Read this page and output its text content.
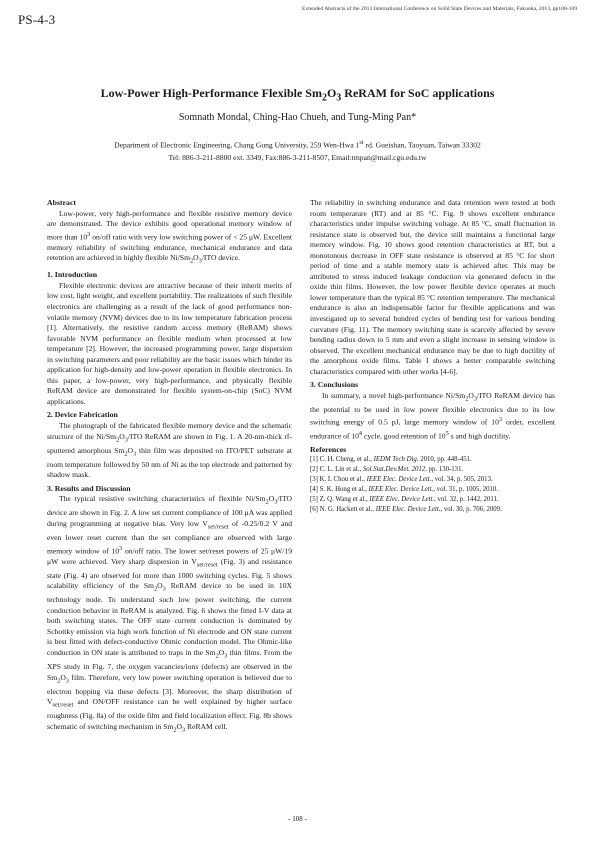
PS-4-3
Extended Abstracts of the 2013 International Conference on Solid State Devices and Materials, Fukuoka, 2013, pp108-109
Low-Power High-Performance Flexible $Sm_2O_3$ ReRAM for SoC applications
Somnath Mondal, Ching-Hao Chueh, and Tung-Ming Pan*
Department of Electronic Engineering, Chang Gung University, 259 Wen-Hwa 1st rd. Gueishan, Taoyuan, Taiwan 33302
Tel: 886-3-211-8800 ext. 3349, Fax:886-3-211-8507, Email:tmpan@mail.cgu.edu.tw
Abstract

Low-power, very high-performance and flexible resistive memory device are demonstrated. The device exhibits good operational memory window of more than $10^3$ on/off ratio with very low switching power of < 25 μW. Excellent memory reliability of switching endurance, mechanical endurance and data retention are achieved in highly flexible $Ni/Sm_2O_3$/ITO device.

1. Introduction

Flexible electronic devices are attractive because of their inherit merits of low cost, light weight, and excellent portability. The realizations of such flexible electronics are challenging as a result of the lack of good performance non-volatile memory (NVM) devices due to its low temperature fabrication process [1]. Alternatively, the resistive random access memory (ReRAM) shows favorable NVM performance on flexible medium when processed at low temperature [2]. However, the increased programming power, large dispersion in switching parameters and poor reliability are the basic issues which hinder its application for high-density and low-power operation in flexible electronics. In this paper, a low-power, very high-performance, and physically flexible ReRAM device are demonstrated for flexible system-on-chip (SoC) NVM applications.

2. Device Fabrication

The photograph of the fabricated flexible memory device and the schematic structure of the $Ni/Sm_2O_3$/ITO ReRAM are shown in Fig. 1. A 20-nm-thick rf-sputtered amorphous $Sm_2O_3$ thin film was deposited on ITO/PET substrate at room temperature followed by 50 nm of Ni as the top electrode and patterned by shadow mask.

3. Results and Discussion

The typical resistive switching characteristics of flexible $Ni/Sm_2O_3$/ITO device are shown in Fig. 2. A low set current compliance of 100 μA was applied during programming at negative bias. Very low $V_{set/reset}$ of -0.25/0.2 V and even lower reset current than the set compliance are observed with large memory window of $10^3$ on/off ratio. The lower set/reset powers of 25 μW/19 μW were achieved. Very sharp dispersion in $V_{set/reset}$ (Fig. 3) and resistance state (Fig. 4) are observed for more than 1000 switching cycles. Fig. 5 shows scalability efficiency of the $Sm_2O_3$ ReRAM device to be used in 10X technology node. To understand such low power switching, the current conduction behavior in ReRAM is analyzed. Fig. 6 shows the fitted I-V data at both switching states. The OFF state current conduction is dominated by Schottky emission via high work function of Ni electrode and ON state current is best fitted with defect-conductive Ohmic conduction model. The Ohmic-like conduction in ON state is attributed to traps in the $Sm_2O_3$ thin films. From the XPS study in Fig. 7, the oxygen vacancies/ions (defects) are observed in the $Sm_2O_3$ film. Therefore, very low power switching operation is believed due to electron hopping via these defects [3]. Moreover, the sharp distribution of $V_{set/reset}$ and ON/OFF resistance can be well explained by higher surface roughness (Fig. 8a) of the oxide film and field localization effect. Fig. 8b shows schematic of switching mechanism in $Sm_2O_3$ ReRAM cell.

The reliability in switching endurance and data retention were tested at both room temperature (RT) and at 85 °C. Fig. 9 shows excellent endurance characteristics under impulse switching voltage. At 85 °C, small fluctuation in resistance state is observed but, the device still maintains a functional large memory window. Fig. 10 shows good retention characteristics at RT, but a monotonous decrease in OFF state resistance is observed at 85 °C for short period of time and a stable memory state is achieved after. This may be attributed to stress induced leakage conduction via generated defects in the oxide thin films. However, the low power flexible device operates at much lower temperature than the typical 85 °C retention temperature. The mechanical endurance is also an indispensable factor for flexible applications and was investigated up to several hundred cycles of bending test for various bending curvature (Fig. 11). The memory switching state is scarcely affected by severe bending radius down to 5 mm and even a slight increase in sensing window is observed. The excellent mechanical endurance may be due to high ductility of the amorphous oxide films. Table I shows a better comparable switching characteristics compared with other works [4-6].

3. Conclusions

In summary, a novel high-performance $Ni/Sm_2O_3$/ITO ReRAM device has the potential to be used in low power flexible electronics due to its low switching energy of 0.5 pJ, large memory window of $10^3$ order, excellent endurance of $10^4$ cycle, good retention of $10^5$ s and high ductility.

References
[1] C. H. Cheng, et al., IEDM Tech Dig. 2010, pp. 448-451.
[2] C. L. Lin et al., Sol.Stat.Dev.Met. 2012, pp. 130-131.
[3] K. L Chou et al., IEEE Elec. Device Lett., vol. 34, p. 505, 2013.
[4] S. K. Hong et al., IEEE Elec. Device Lett., vol. 31, p. 1005, 2010.
[5] Z. Q. Wang et al., IEEE Elec. Device Lett., vol. 32, p. 1442, 2011.
[6] N. G. Hackett et al., IEEE Elec. Device Lett., vol. 30, p. 706, 2009.
- 108 -
